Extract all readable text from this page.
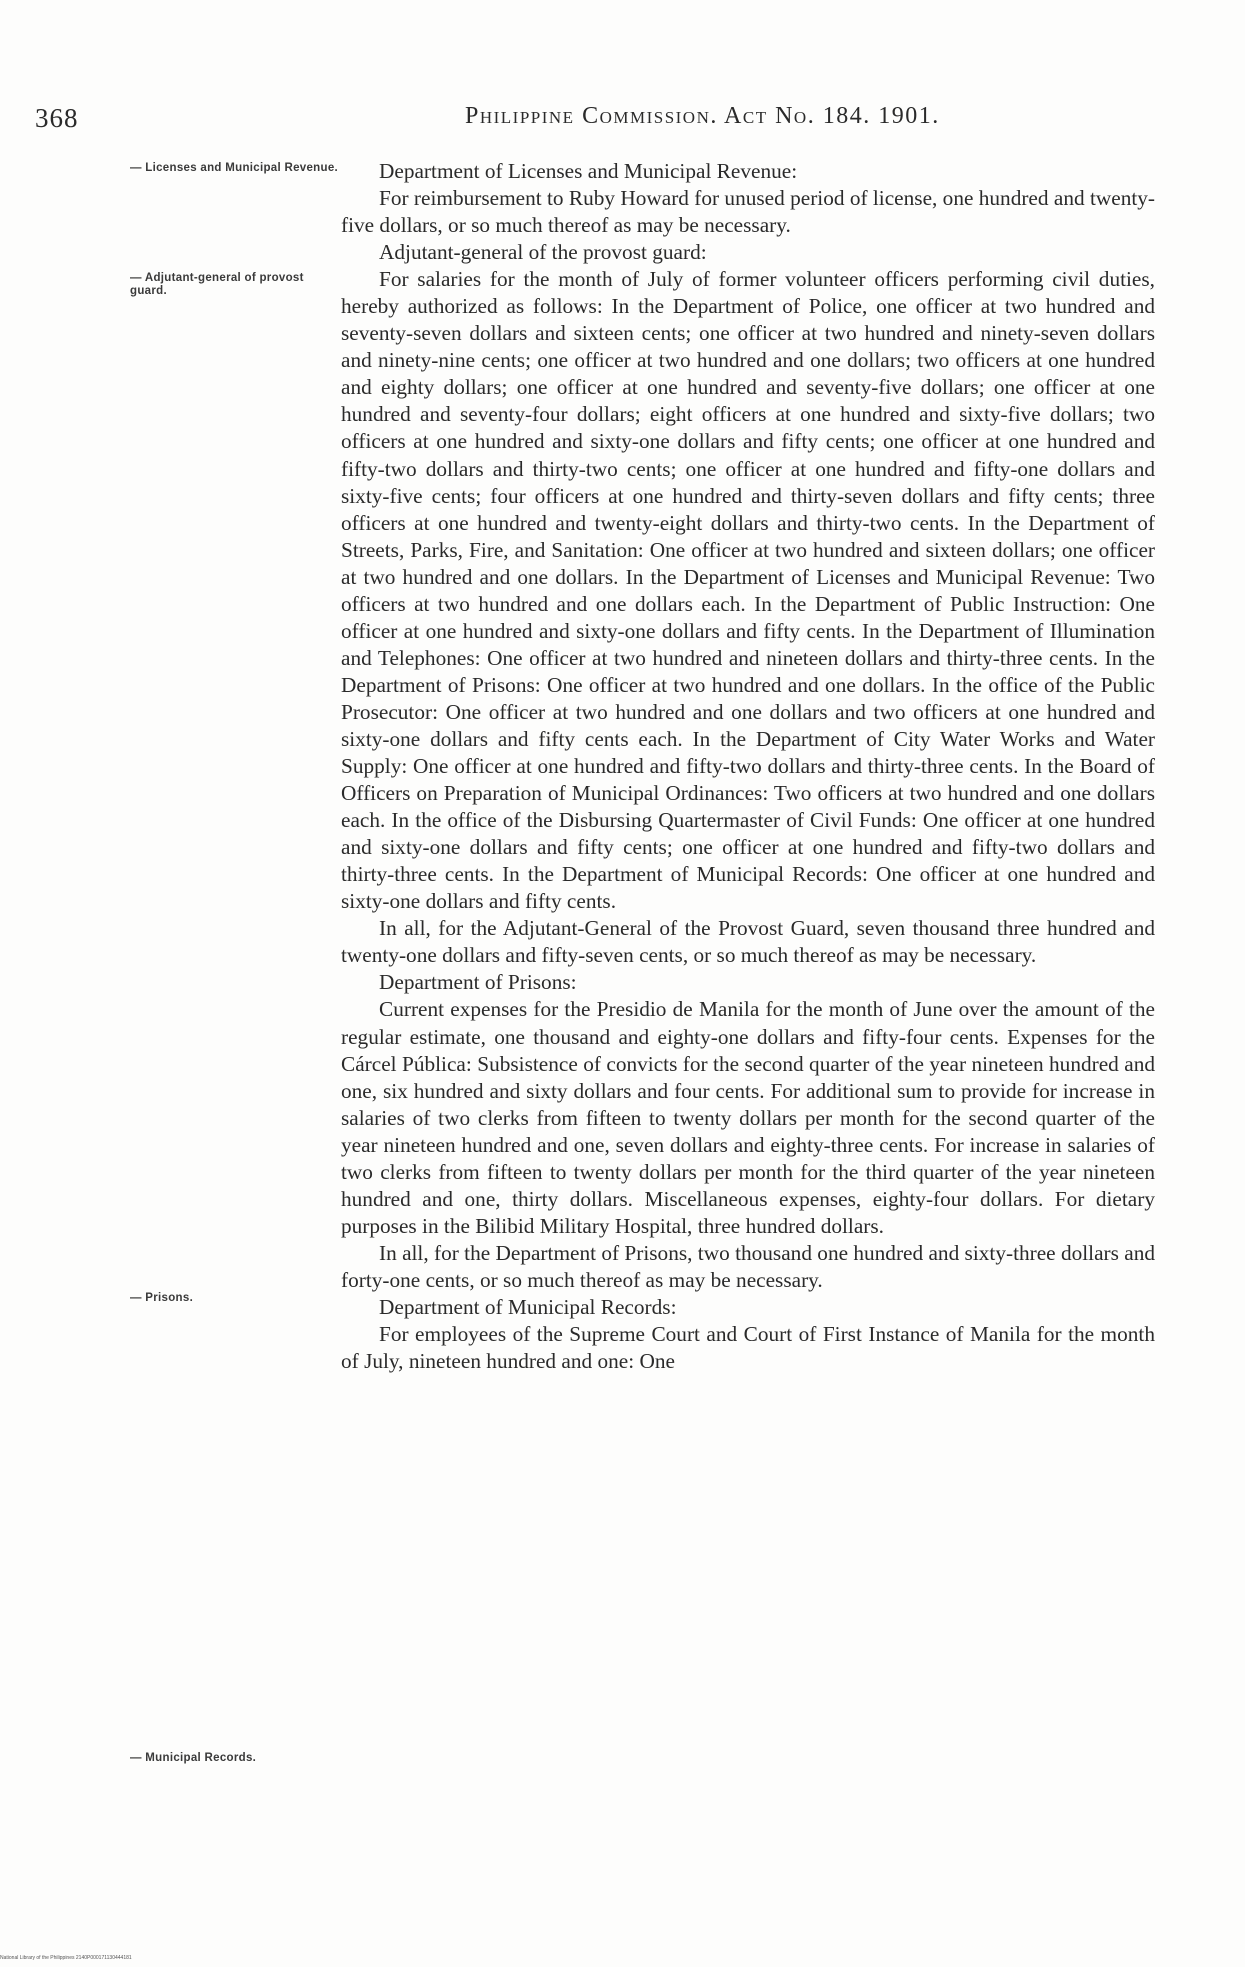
368	Philippine Commission. Act No. 184. 1901.
— Licenses and Municipal Revenue.
— Adjutant-general of provost guard.
— Prisons.
— Municipal Records.

Department of Licenses and Municipal Revenue:

For reimbursement to Ruby Howard for unused period of license, one hundred and twenty-five dollars, or so much thereof as may be necessary.

Adjutant-general of the provost guard:

For salaries for the month of July of former volunteer officers performing civil duties, hereby authorized as follows: In the Department of Police, one officer at two hundred and seventy-seven dollars and sixteen cents; one officer at two hundred and ninety-seven dollars and ninety-nine cents; one officer at two hundred and one dollars; two officers at one hundred and eighty dollars; one officer at one hundred and seventy-five dollars; one officer at one hundred and seventy-four dollars; eight officers at one hundred and sixty-five dollars; two officers at one hundred and sixty-one dollars and fifty cents; one officer at one hundred and fifty-two dollars and thirty-two cents; one officer at one hundred and fifty-one dollars and sixty-five cents; four officers at one hundred and thirty-seven dollars and fifty cents; three officers at one hundred and twenty-eight dollars and thirty-two cents. In the Department of Streets, Parks, Fire, and Sanitation: One officer at two hundred and sixteen dollars; one officer at two hundred and one dollars. In the Department of Licenses and Municipal Revenue: Two officers at two hundred and one dollars each. In the Department of Public Instruction: One officer at one hundred and sixty-one dollars and fifty cents. In the Department of Illumination and Telephones: One officer at two hundred and nineteen dollars and thirty-three cents. In the Department of Prisons: One officer at two hundred and one dollars. In the office of the Public Prosecutor: One officer at two hundred and one dollars and two officers at one hundred and sixty-one dollars and fifty cents each. In the Department of City Water Works and Water Supply: One officer at one hundred and fifty-two dollars and thirty-three cents. In the Board of Officers on Preparation of Municipal Ordinances: Two officers at two hundred and one dollars each. In the office of the Disbursing Quartermaster of Civil Funds: One officer at one hundred and sixty-one dollars and fifty cents; one officer at one hundred and fifty-two dollars and thirty-three cents. In the Department of Municipal Records: One officer at one hundred and sixty-one dollars and fifty cents.

In all, for the Adjutant-General of the Provost Guard, seven thousand three hundred and twenty-one dollars and fifty-seven cents, or so much thereof as may be necessary.

Department of Prisons:

Current expenses for the Presidio de Manila for the month of June over the amount of the regular estimate, one thousand and eighty-one dollars and fifty-four cents. Expenses for the Cárcel Pública: Subsistence of convicts for the second quarter of the year nineteen hundred and one, six hundred and sixty dollars and four cents. For additional sum to provide for increase in salaries of two clerks from fifteen to twenty dollars per month for the second quarter of the year nineteen hundred and one, seven dollars and eighty-three cents. For increase in salaries of two clerks from fifteen to twenty dollars per month for the third quarter of the year nineteen hundred and one, thirty dollars. Miscellaneous expenses, eighty-four dollars. For dietary purposes in the Bilibid Military Hospital, three hundred dollars.

In all, for the Department of Prisons, two thousand one hundred and sixty-three dollars and forty-one cents, or so much thereof as may be necessary.

Department of Municipal Records:

For employees of the Supreme Court and Court of First Instance of Manila for the month of July, nineteen hundred and one: One

National Library of the Philippines 2140P000171130444181
